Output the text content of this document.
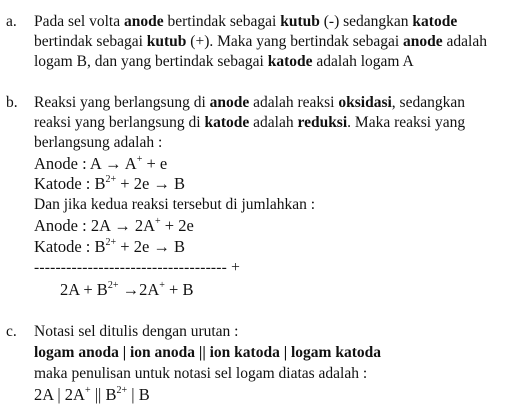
a. Pada sel volta anode bertindak sebagai kutub (-) sedangkan katode
bertindak sebagai kutub (+). Maka yang bertindak sebagai anode adalah
logam B, dan yang bertindak sebagai katode adalah logam A
b. Reaksi yang berlangsung di anode adalah reaksi oksidasi, sedangkan
reaksi yang berlangsung di katode adalah reduksi. Maka reaksi yang
berlangsung adalah :
Anode : A → A+ + e
Katode : $B^{2+} + 2e \to B$
Dan jika kedua reaksi tersebut di jumlahkan :
Anode : 2A → 2A+ + 2e
Katode : $B^{2+} + 2e \to B$
------------------------------------ +
$2A + B^{2+} \to 2A^+ + B$
c. Notasi sel ditulis dengan urutan :
logam anoda | ion anoda || ion katoda | logam katoda
maka penulisan untuk notasi sel logam diatas adalah :
2A | 2A+ || $B^{2+}$ | B
